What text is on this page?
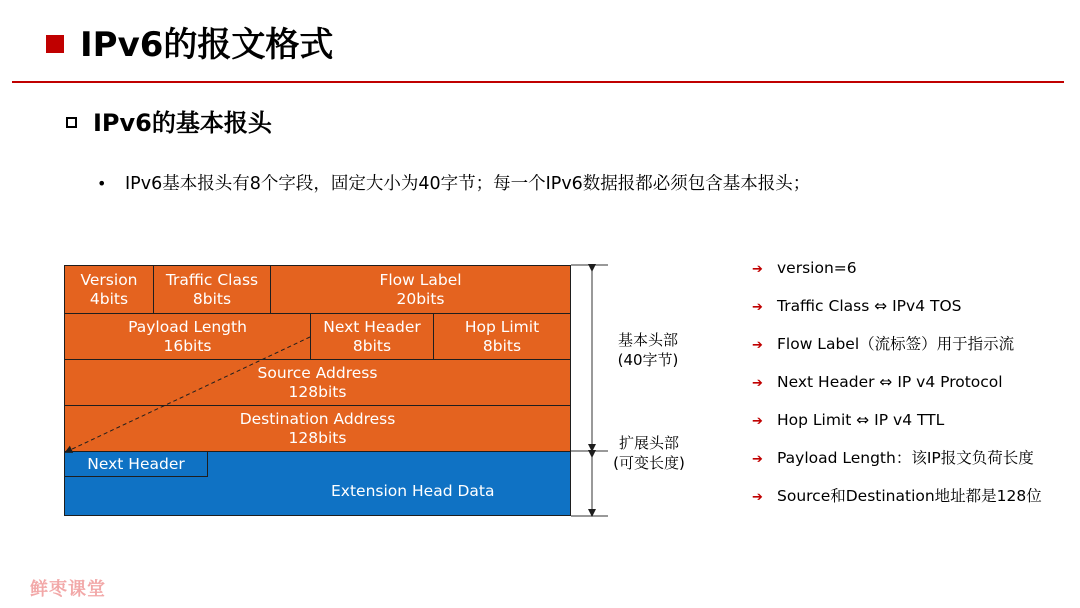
IPv6的报文格式
IPv6的基本报头
• IPv6基本报头有8个字段，固定大小为40字节；每一个IPv6数据报都必须包含基本报头；
Version
4bits
Traffic Class
8bits
Flow Label
20bits
Payload Length
16bits
Next Header
8bits
Hop Limit
8bits
Source Address
128bits
Destination Address
128bits
Next Header
Extension Head Data
基本头部
(40字节)
扩展头部
(可变长度)
➔ version=6
➔ Traffic Class ⇔ IPv4 TOS
➔ Flow Label（流标签）用于指示流
➔ Next Header ⇔ IP v4 Protocol
➔ Hop Limit ⇔ IP v4 TTL
➔ Payload Length：该IP报文负荷长度
➔ Source和Destination地址都是128位
鲜枣课堂
